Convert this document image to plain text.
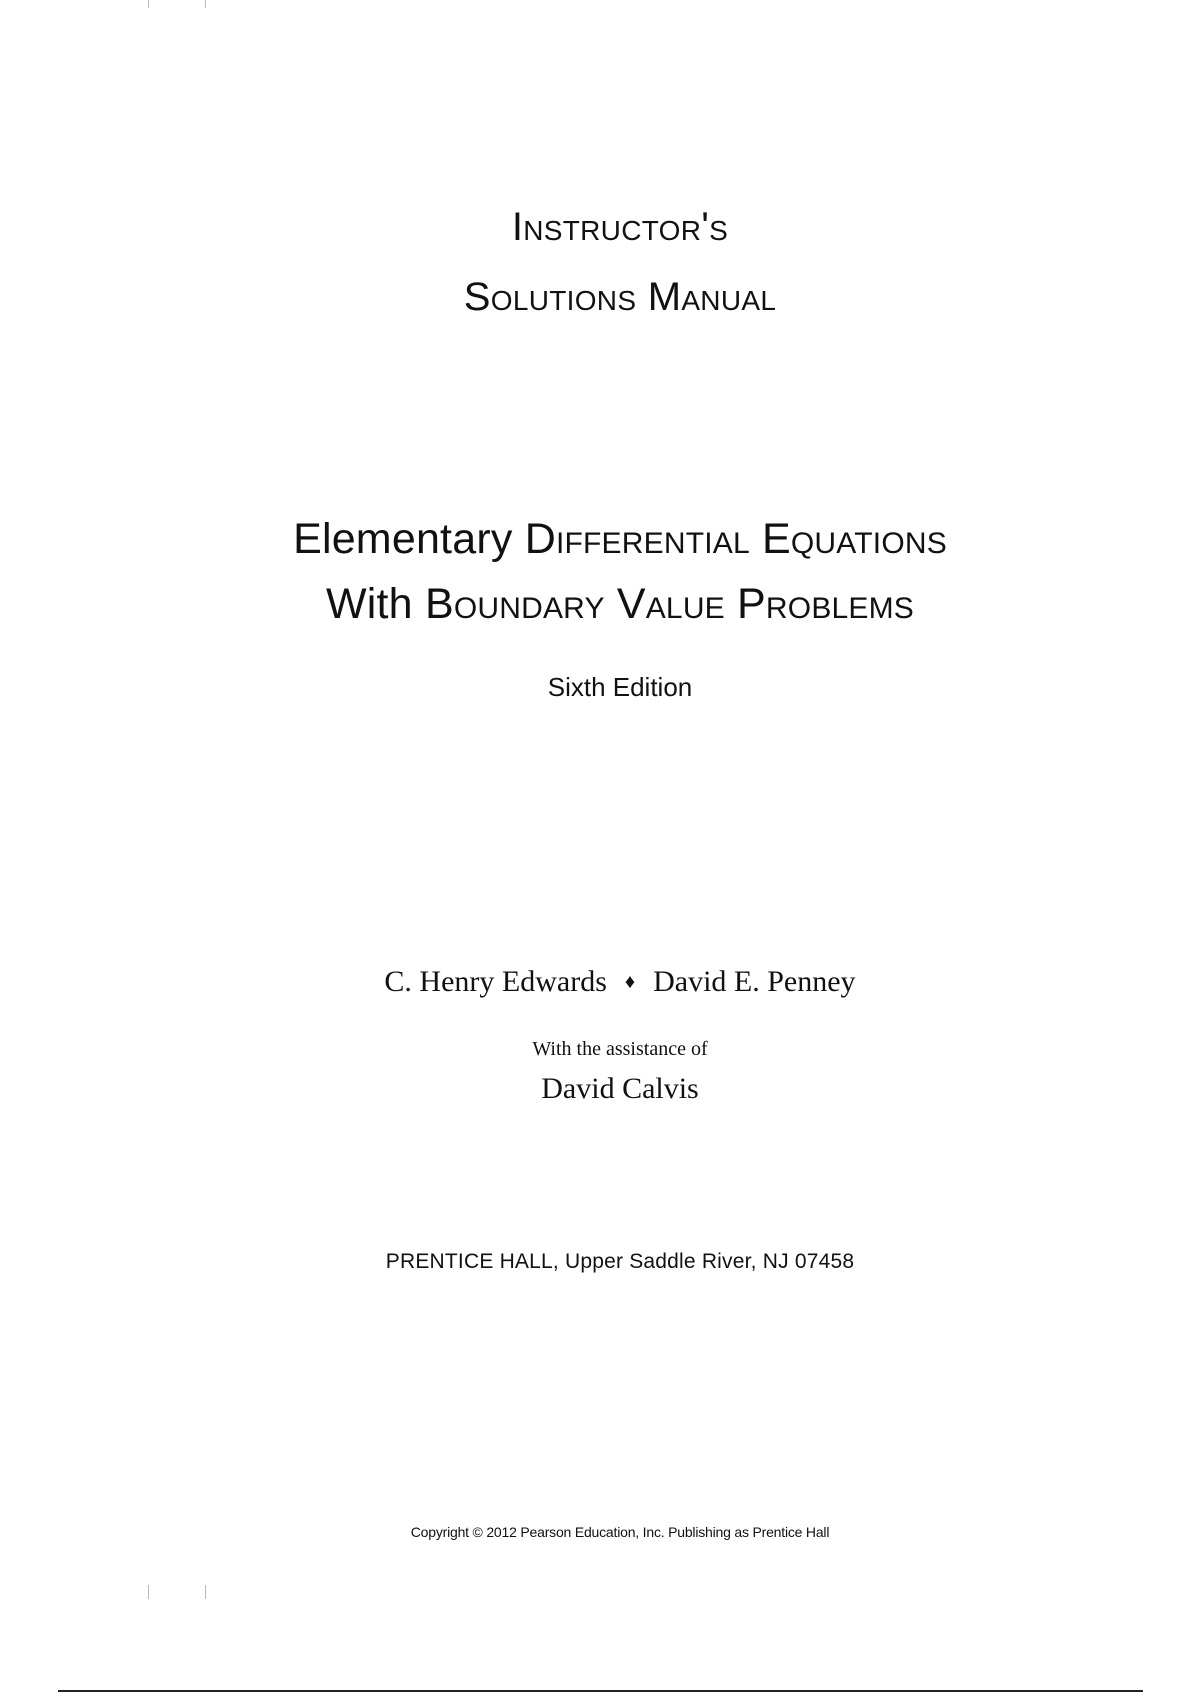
Instructor's
Solutions Manual
Elementary Differential Equations
With Boundary Value Problems
Sixth Edition
C. Henry Edwards ♦ David E. Penney
With the assistance of
David Calvis
PRENTICE HALL, Upper Saddle River, NJ 07458
Copyright © 2012 Pearson Education, Inc. Publishing as Prentice Hall
